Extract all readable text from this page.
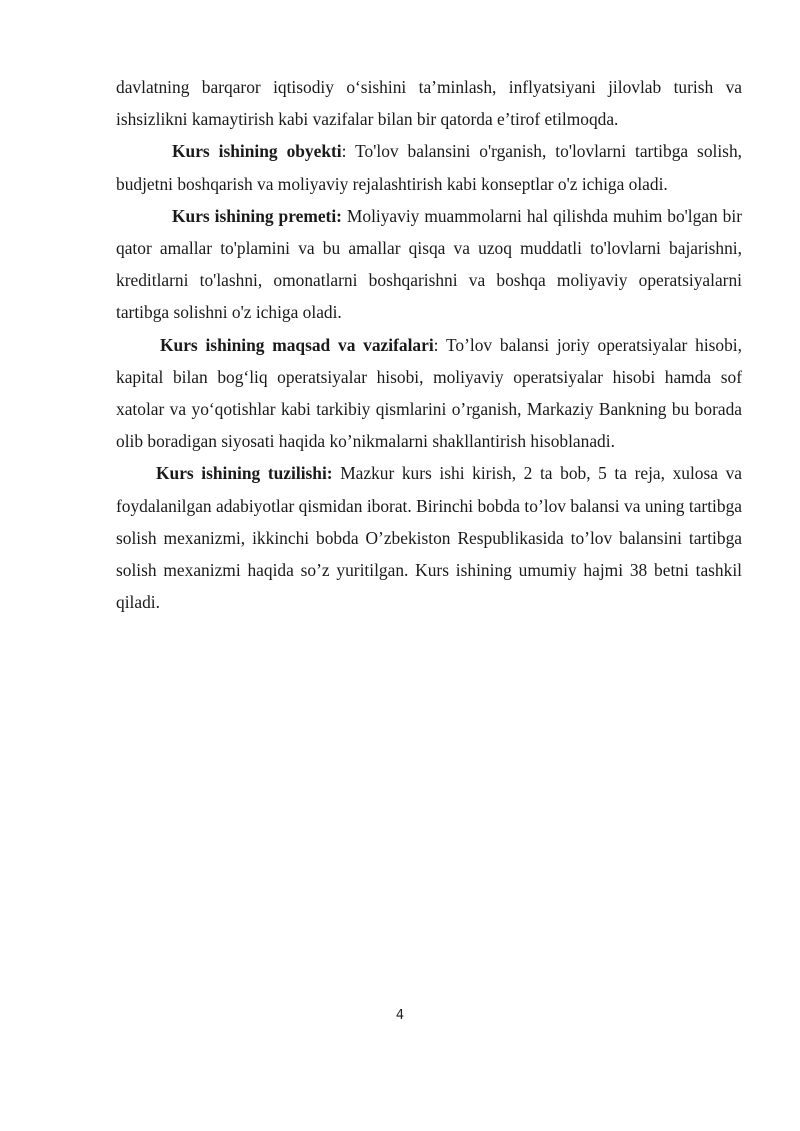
davlatning barqaror iqtisodiy o‘sishini ta’minlash, inflyatsiyani jilovlab turish va ishsizlikni kamaytirish kabi vazifalar bilan bir qatorda e’tirof etilmoqda.

Kurs ishining obyekti: To'lov balansini o'rganish, to'lovlarni tartibga solish, budjetni boshqarish va moliyaviy rejalashtirish kabi konseptlar o'z ichiga oladi.

Kurs ishining premeti: Moliyaviy muammolarni hal qilishda muhim bo'lgan bir qator amallar to'plamini va bu amallar qisqa va uzoq muddatli to'lovlarni bajarishni, kreditlarni to'lashni, omonatlarni boshqarishni va boshqa moliyaviy operatsiyalarni tartibga solishni o'z ichiga oladi.

Kurs ishining maqsad va vazifalari: To’lov balansi joriy operatsiyalar hisobi, kapital bilan bog‘liq operatsiyalar hisobi, moliyaviy operatsiyalar hisobi hamda sof xatolar va yo‘qotishlar kabi tarkibiy qismlarini o’rganish, Markaziy Bankning bu borada olib boradigan siyosati haqida ko’nikmalarni shakllantirish hisoblanadi.

Kurs ishining tuzilishi: Mazkur kurs ishi kirish, 2 ta bob, 5 ta reja, xulosa va foydalanilgan adabiyotlar qismidan iborat. Birinchi bobda to’lov balansi va uning tartibga solish mexanizmi, ikkinchi bobda O’zbekiston Respublikasida to’lov balansini tartibga solish mexanizmi haqida so’z yuritilgan. Kurs ishining umumiy hajmi 38 betni tashkil qiladi.

4
